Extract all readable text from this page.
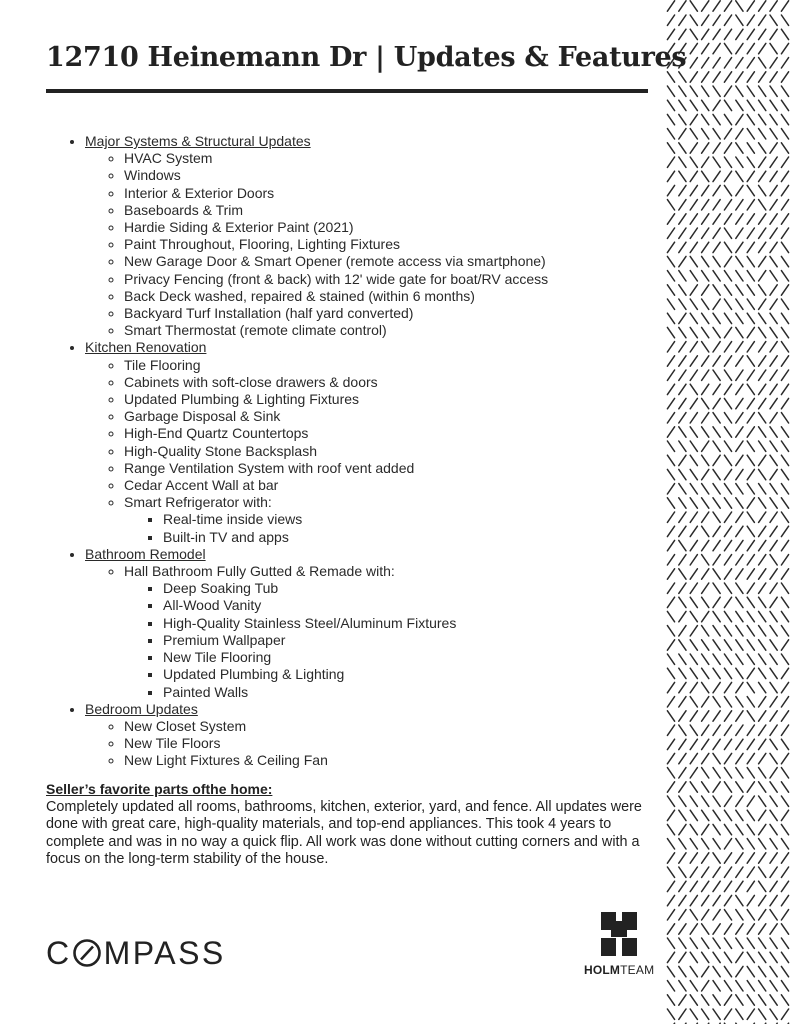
12710 Heinemann Dr | Updates & Features
• Major Systems & Structural Updates
◦ HVAC System
◦ Windows
◦ Interior & Exterior Doors
◦ Baseboards & Trim
◦ Hardie Siding & Exterior Paint (2021)
◦ Paint Throughout, Flooring, Lighting Fixtures
◦ New Garage Door & Smart Opener (remote access via smartphone)
◦ Privacy Fencing (front & back) with 12' wide gate for boat/RV access
◦ Back Deck washed, repaired & stained (within 6 months)
◦ Backyard Turf Installation (half yard converted)
◦ Smart Thermostat (remote climate control)
• Kitchen Renovation
◦ Tile Flooring
◦ Cabinets with soft-close drawers & doors
◦ Updated Plumbing & Lighting Fixtures
◦ Garbage Disposal & Sink
◦ High-End Quartz Countertops
◦ High-Quality Stone Backsplash
◦ Range Ventilation System with roof vent added
◦ Cedar Accent Wall at bar
◦ Smart Refrigerator with:
▪ Real-time inside views
▪ Built-in TV and apps
• Bathroom Remodel
◦ Hall Bathroom Fully Gutted & Remade with:
▪ Deep Soaking Tub
▪ All-Wood Vanity
▪ High-Quality Stainless Steel/Aluminum Fixtures
▪ Premium Wallpaper
▪ New Tile Flooring
▪ Updated Plumbing & Lighting
▪ Painted Walls
• Bedroom Updates
◦ New Closet System
◦ New Tile Floors
◦ New Light Fixtures & Ceiling Fan

Seller’s favorite parts ofthe home:

Completely updated all rooms, bathrooms, kitchen, exterior, yard, and fence. All updates were done with great care, high-quality materials, and top-end appliances. This took 4 years to complete and was in no way a quick flip. All work was done without cutting corners and with a focus on the long-term stability of the house.

C MPASS	HOLMTEAM
